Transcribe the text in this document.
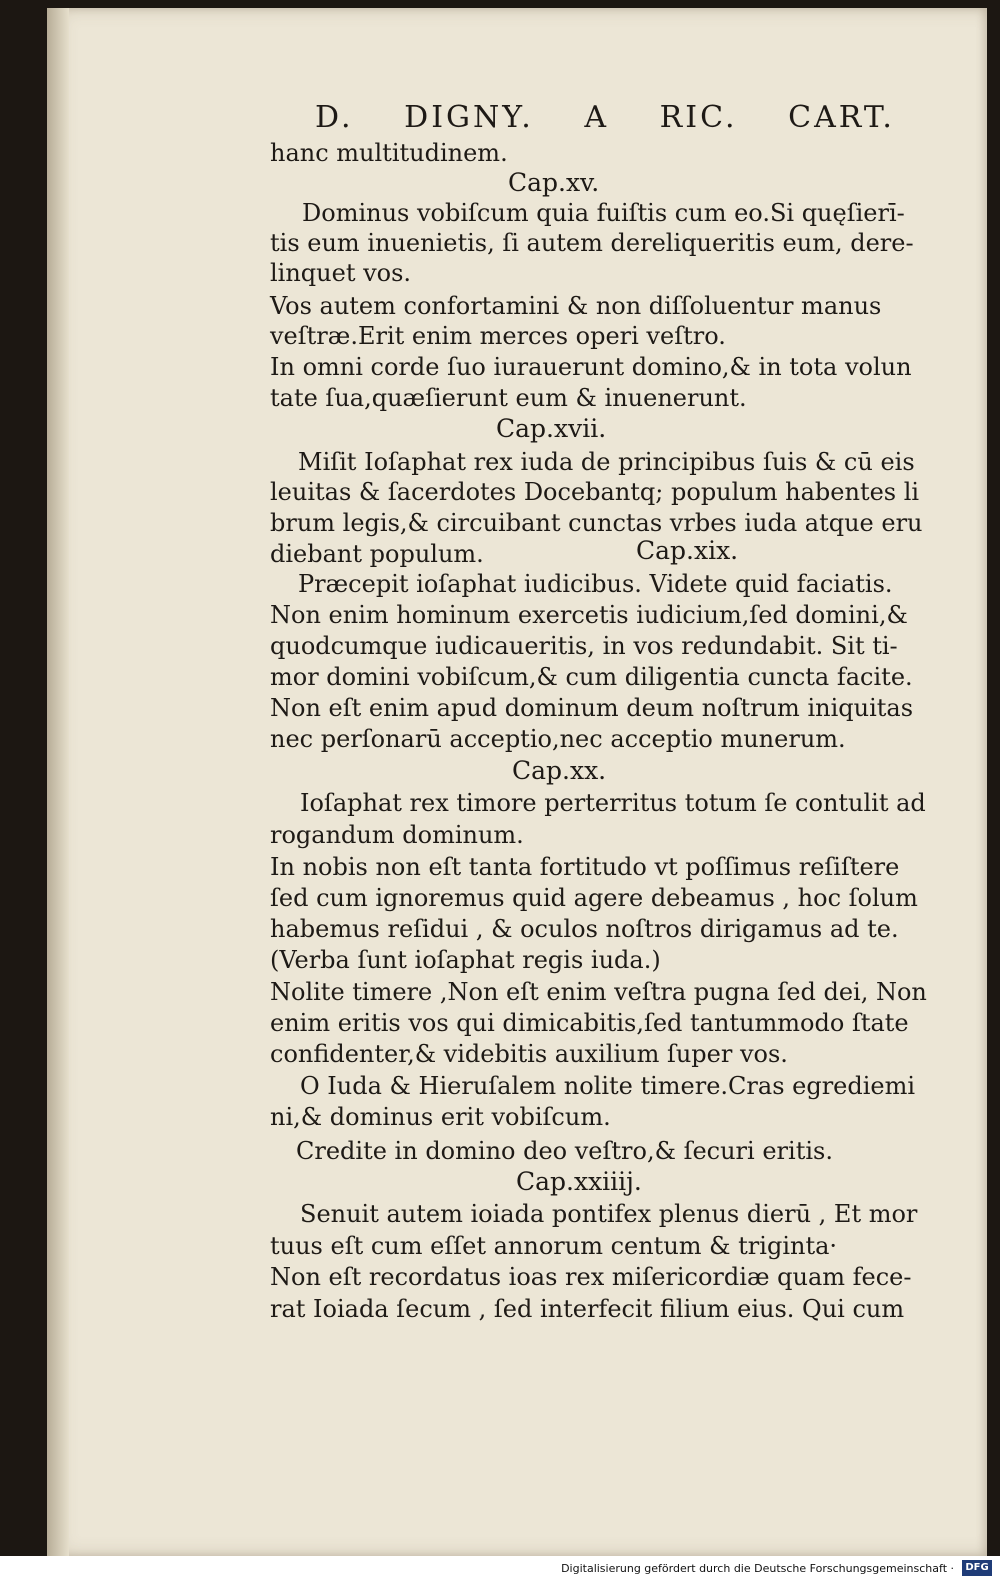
D. DIGNY. A RIC. CART.
hanc multitudinem.
Cap.xv.
Dominus vobiſcum quia fuiſtis cum eo.Si quęſierī-
tis eum inuenietis, ſi autem dereliqueritis eum, dere-
linquet vos.
Vos autem confortamini & non diſſoluentur manus
veſtræ.Erit enim merces operi veſtro.
In omni corde ſuo iurauerunt domino,& in tota volun
tate ſua,quæſierunt eum & inuenerunt.
Cap.xvii.
Miſit Ioſaphat rex iuda de principibus ſuis & cū eis
leuitas & ſacerdotes Docebantq; populum habentes li
brum legis,& circuibant cunctas vrbes iuda atque eru
diebant populum.	Cap.xix.
Præcepit ioſaphat iudicibus. Videte quid faciatis.
Non enim hominum exercetis iudicium,ſed domini,&
quodcumque iudicaueritis, in vos redundabit. Sit ti-
mor domini vobiſcum,& cum diligentia cuncta facite.
Non eſt enim apud dominum deum noſtrum iniquitas
nec perſonarū acceptio,nec acceptio munerum.
Cap.xx.
Ioſaphat rex timore perterritus totum ſe contulit ad
rogandum dominum.
In nobis non eſt tanta fortitudo vt poſſimus reſiſtere
ſed cum ignoremus quid agere debeamus , hoc ſolum
habemus reſidui , & oculos noſtros dirigamus ad te.
(Verba ſunt ioſaphat regis iuda.)
Nolite timere ,Non eſt enim veſtra pugna ſed dei, Non
enim eritis vos qui dimicabitis,ſed tantummodo ſtate
confidenter,& videbitis auxilium ſuper vos.
O Iuda & Hieruſalem nolite timere.Cras egrediemi
ni,& dominus erit vobiſcum.
Credite in domino deo veſtro,& ſecuri eritis.
Cap.xxiiij.
Senuit autem ioiada pontifex plenus dierū , Et mor
tuus eſt cum eſſet annorum centum & triginta·
Non eſt recordatus ioas rex miſericordiæ quam fece-
rat Ioiada ſecum , ſed interfecit filium eius. Qui cum
Digitalisierung gefördert durch die Deutsche Forschungsgemeinschaft ·	DFG
